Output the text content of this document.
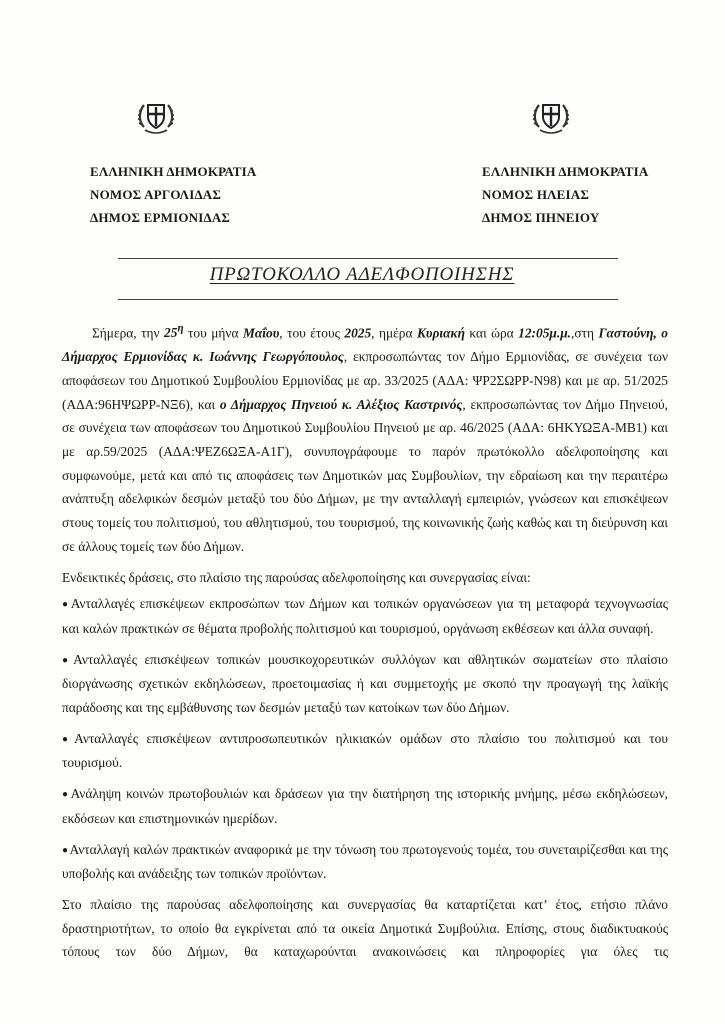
ΕΛΛΗΝΙΚΗ ΔΗΜΟΚΡΑΤΙΑ
ΝΟΜΟΣ ΑΡΓΟΛΙΔΑΣ
ΔΗΜΟΣ ΕΡΜΙΟΝΙΔΑΣ
ΕΛΛΗΝΙΚΗ ΔΗΜΟΚΡΑΤΙΑ
ΝΟΜΟΣ ΗΛΕΙΑΣ
ΔΗΜΟΣ ΠΗΝΕΙΟΥ
ΠΡΩΤΟΚΟΛΛΟ ΑΔΕΛΦΟΠΟΙΗΣΗΣ

Σήμερα, την $25^\eta$ του μήνα Μαΐου, του έτους 2025, ημέρα Κυριακή και ώρα 12:05μ.μ.,στη Γαστούνη, ο Δήμαρχος Ερμιονίδας κ. Ιωάννης Γεωργόπουλος, εκπροσωπώντας τον Δήμο Ερμιονίδας, σε συνέχεια των αποφάσεων του Δημοτικού Συμβουλίου Ερμιονίδας με αρ. 33/2025 (ΑΔΑ: ΨΡ2ΣΩΡΡ-Ν98) και με αρ. 51/2025 (ΑΔΑ:96ΗΨΩΡΡ-ΝΞ6), και ο Δήμαρχος Πηνειού κ. Αλέξιος Καστρινός, εκπροσωπώντας τον Δήμο Πηνειού, σε συνέχεια των αποφάσεων του Δημοτικού Συμβουλίου Πηνειού με αρ. 46/2025 (ΑΔΑ: 6ΗΚΥΩΞΑ-ΜΒ1) και με αρ.59/2025 (ΑΔΑ:ΨΕΖ6ΩΞΑ-Α1Γ), συνυπογράφουμε το παρόν πρωτόκολλο αδελφοποίησης και συμφωνούμε, μετά και από τις αποφάσεις των Δημοτικών μας Συμβουλίων, την εδραίωση και την περαιτέρω ανάπτυξη αδελφικών δεσμών μεταξύ του δύο Δήμων, με την ανταλλαγή εμπειριών, γνώσεων και επισκέψεων στους τομείς του πολιτισμού, του αθλητισμού, του τουρισμού, της κοινωνικής ζωής καθώς και τη διεύρυνση και σε άλλους τομείς των δύο Δήμων.

Ενδεικτικές δράσεις, στο πλαίσιο της παρούσας αδελφοποίησης και συνεργασίας είναι:

●Ανταλλαγές επισκέψεων εκπροσώπων των Δήμων και τοπικών οργανώσεων για τη μεταφορά τεχνογνωσίας και καλών πρακτικών σε θέματα προβολής πολιτισμού και τουρισμού, οργάνωση εκθέσεων και άλλα συναφή.

●Ανταλλαγές επισκέψεων τοπικών μουσικοχορευτικών συλλόγων και αθλητικών σωματείων στο πλαίσιο διοργάνωσης σχετικών εκδηλώσεων, προετοιμασίας ή και συμμετοχής με σκοπό την προαγωγή της λαϊκής παράδοσης και της εμβάθυνσης των δεσμών μεταξύ των κατοίκων των δύο Δήμων.

●Ανταλλαγές επισκέψεων αντιπροσωπευτικών ηλικιακών ομάδων στο πλαίσιο του πολιτισμού και του τουρισμού.

●Ανάληψη κοινών πρωτοβουλιών και δράσεων για την διατήρηση της ιστορικής μνήμης, μέσω εκδηλώσεων, εκδόσεων και επιστημονικών ημερίδων.

●Ανταλλαγή καλών πρακτικών αναφορικά με την τόνωση του πρωτογενούς τομέα, του συνεταιρίζεσθαι και της υποβολής και ανάδειξης των τοπικών προϊόντων.

Στο πλαίσιο της παρούσας αδελφοποίησης και συνεργασίας θα καταρτίζεται κατ’ έτος, ετήσιο πλάνο δραστηριοτήτων, το οποίο θα εγκρίνεται από τα οικεία Δημοτικά Συμβούλια. Επίσης, στους διαδικτυακούς τόπους των δύο Δήμων, θα καταχωρούνται ανακοινώσεις και πληροφορίες για όλες τις
